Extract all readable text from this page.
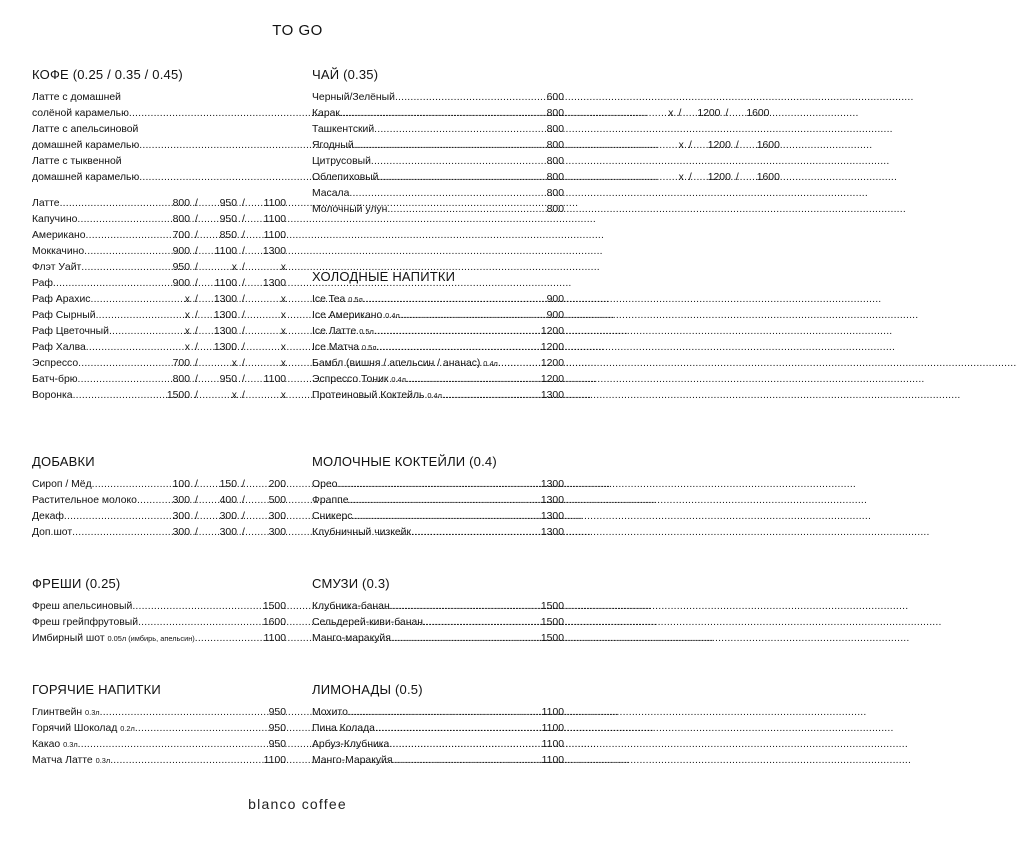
TO GO
КОФЕ (0.25 / 0.35 / 0.45)
Латте с домашней
солёной карамелью .....	x /	1200 /	1600
Латте с апельсиновой
домашней карамелью .....	x /	1200 /	1600
Латте с тыквенной
домашней карамелью .....	x /	1200 /	1600
Латте .....	800 /	950 /	1100
Капучино .....	800 /	950 /	1100
Американо .....	700 /	850 /	1100
Моккачино .....	900 /	1100 /	1300
Флэт Уайт .....	950 /	x /	x
Раф .....	900 /	1100 /	1300
Раф Арахис .....	x /	1300 /	x
Раф Сырный .....	x /	1300 /	x
Раф Цветочный .....	x /	1300 /	x
Раф Халва .....	x /	1300 /	x
Эспрессо .....	700 /	x /	x
Батч-брю .....	800 /	950 /	1100
Воронка .....	1500 /	x /	x
ДОБАВКИ
Сироп / Мёд .....	100 /	150 /	200
Растительное молоко .....	300 /	400 /	500
Декаф .....	300 /	300 /	300
Доп.шот .....	300 /	300 /	300
ФРЕШИ (0.25)
Фреш апельсиновый .....	1500
Фреш грейпфрутовый .....	1600
Имбирный шот
0.05л (имбирь, апельсин) .....	1100
ГОРЯЧИЕ НАПИТКИ
Глинтвейн
0.3л .....	950
Горячий Шоколад
0.2л .....	950
Какао
0.3л .....	950
Матча Латте
0.3л .....	1100
ЧАЙ (0.35)
Черный/Зелёный .....	600
Карак .....	800
Ташкентский .....	800
Ягодный .....	800
Цитрусовый .....	800
Облепиховый .....	800
Масала .....	800
Молочный улун .....	800
ХОЛОДНЫЕ НАПИТКИ
Ice Tea
0.5л .....	900
Ice Американо
0.4л .....	900
Ice Латте
0.5л .....	1200
Ice Матча
0.5л .....	1200
Бамбл (вишня / апельсин / ананас)
0.4л .....	1200
Эспрессо Тоник
0.4л .....	1200
Протеиновый Коктейль
0.4л .....	1300
МОЛОЧНЫЕ КОКТЕЙЛИ (0.4)
Орео .....	1300
Фраппе .....	1300
Сникерс .....	1300
Клубничный чизкейк .....	1300
СМУЗИ (0.3)
Клубника-банан .....	1500
Сельдерей-киви-банан .....	1500
Манго-маракуйя .....	1500
ЛИМОНАДЫ (0.5)
Мохито .....	1100
Пина Колада .....	1100
Арбуз-Клубника .....	1100
Манго-Маракуйя .....	1100
blanco coffee
